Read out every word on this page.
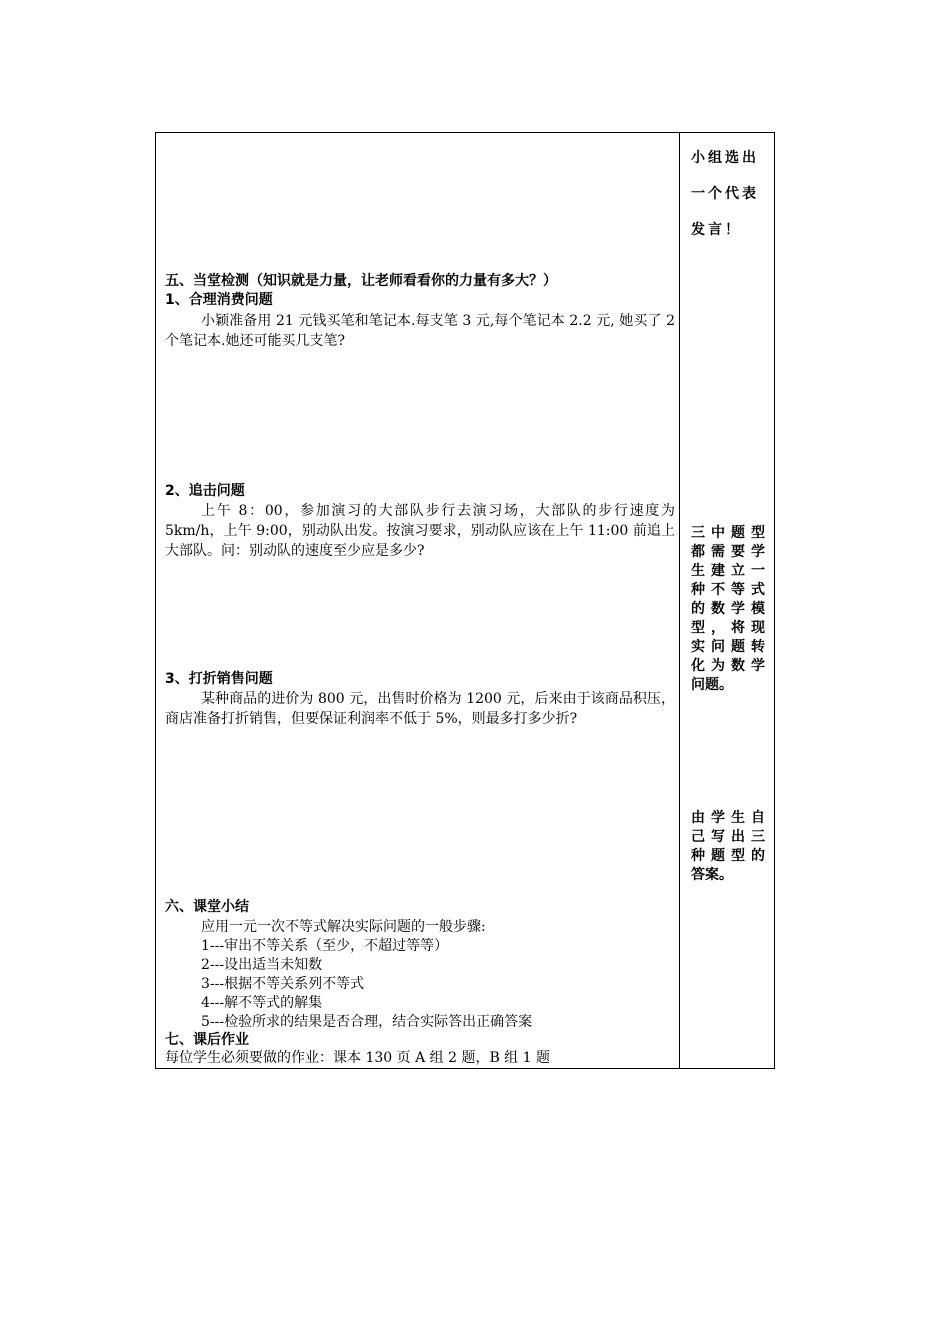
五、当堂检测（知识就是力量，让老师看看你的力量有多大？）
1、合理消费问题

小颖准备用 21 元钱买笔和笔记本.每支笔 3 元,每个笔记本 2.2 元, 她买了 2 个笔记本.她还可能买几支笔?

2、追击问题

上午 8：00，参加演习的大部队步行去演习场，大部队的步行速度为 5km/h，上午 9:00，别动队出发。按演习要求，别动队应该在上午 11:00 前追上大部队。问：别动队的速度至少应是多少?

3、打折销售问题

某种商品的进价为 800 元，出售时价格为 1200 元，后来由于该商品积压，商店准备打折销售，但要保证利润率不低于 5%，则最多打多少折?

六、课堂小结
应用一元一次不等式解决实际问题的一般步骤:
1---审出不等关系（至少，不超过等等）
2---设出适当未知数
3---根据不等关系列不等式
4---解不等式的解集
5---检验所求的结果是否合理，结合实际答出正确答案
七、课后作业
每位学生必须要做的作业：课本 130 页 A 组 2 题，B 组 1 题
小组选出
一个代表
发言！
三中题型
都需要学
生建立一
种不等式
的数学模
型，将现
实问题转
化为数学
问题。
由学生自
己写出三
种题型的
答案。
